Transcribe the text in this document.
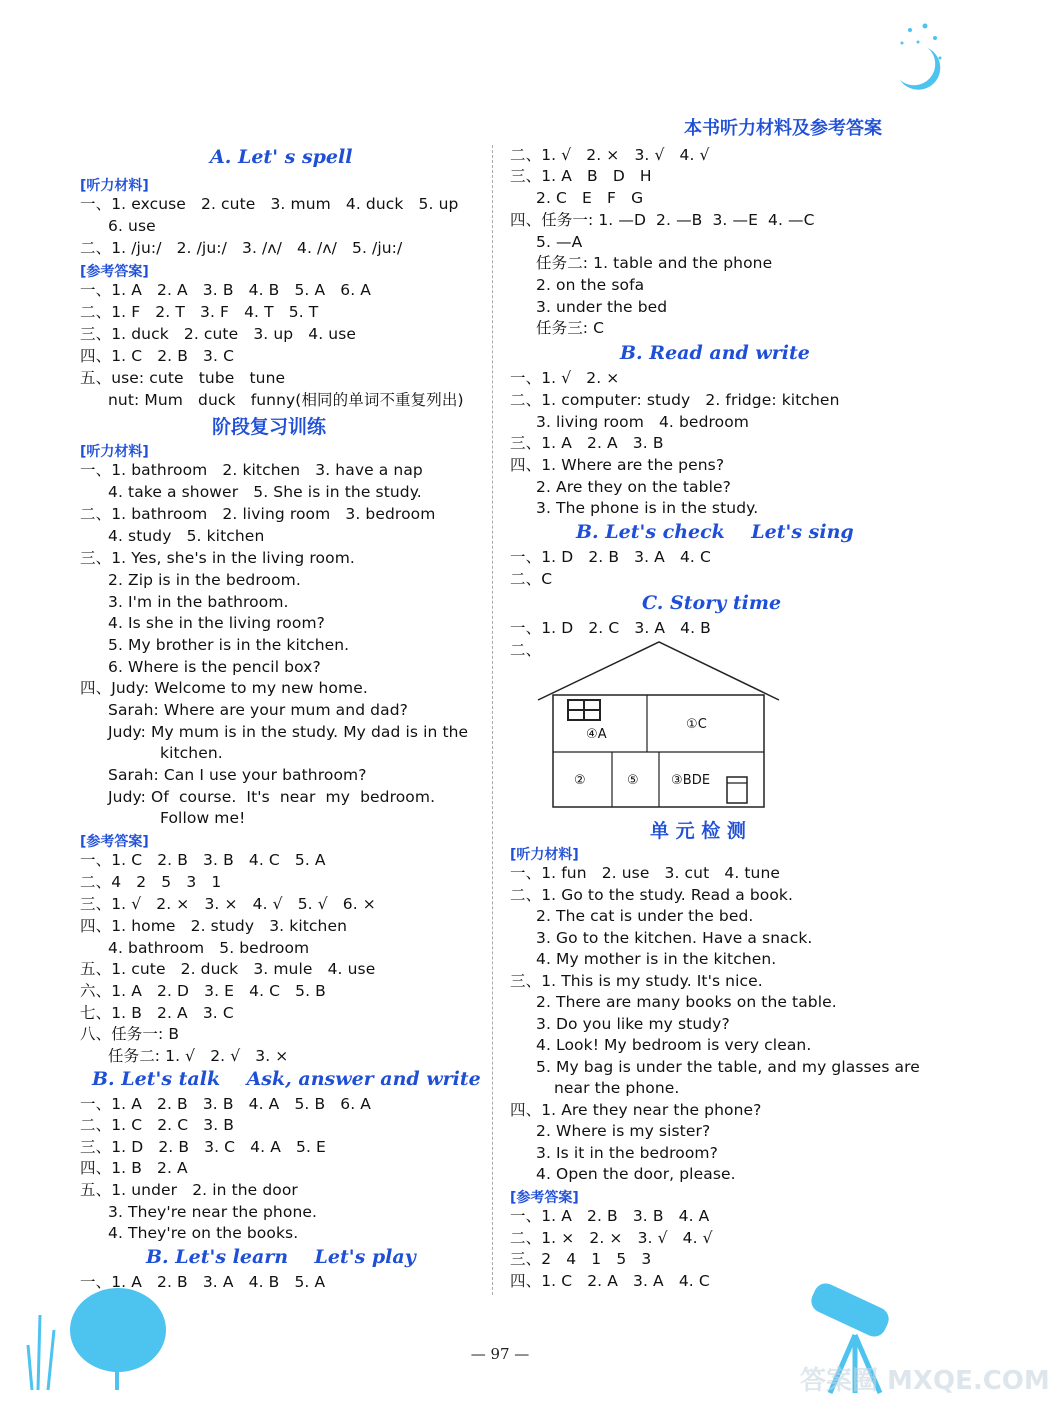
答案圈 MXQE.COM
本书听力材料及参考答案
A. Let' s spell
[听力材料]
一、1. excuse   2. cute   3. mum   4. duck   5. up
6. use
二、1. /ju:/   2. /ju:/   3. /ʌ/   4. /ʌ/   5. /ju:/
[参考答案]
一、1. A   2. A   3. B   4. B   5. A   6. A
二、1. F   2. T   3. F   4. T   5. T
三、1. duck   2. cute   3. up   4. use
四、1. C   2. B   3. C
五、use: cute   tube   tune
nut: Mum   duck   funny(相同的单词不重复列出)
阶段复习训练
[听力材料]
一、1. bathroom   2. kitchen   3. have a nap
4. take a shower   5. She is in the study.
二、1. bathroom   2. living room   3. bedroom
4. study   5. kitchen
三、1. Yes, she's in the living room.
2. Zip is in the bedroom.
3. I'm in the bathroom.
4. Is she in the living room?
5. My brother is in the kitchen.
6. Where is the pencil box?
四、Judy: Welcome to my new home.
Sarah: Where are your mum and dad?
Judy: My mum is in the study. My dad is in the
kitchen.
Sarah: Can I use your bathroom?
Judy: Of  course.  It's  near  my  bedroom.
Follow me!
[参考答案]
一、1. C   2. B   3. B   4. C   5. A
二、4   2   5   3   1
三、1. √   2. ×   3. ×   4. √   5. √   6. ×
四、1. home   2. study   3. kitchen
4. bathroom   5. bedroom
五、1. cute   2. duck   3. mule   4. use
六、1. A   2. D   3. E   4. C   5. B
七、1. B   2. A   3. C
八、任务一: B
任务二: 1. √   2. √   3. ×
B. Let's talk    Ask, answer and write
一、1. A   2. B   3. B   4. A   5. B   6. A
二、1. C   2. C   3. B
三、1. D   2. B   3. C   4. A   5. E
四、1. B   2. A
五、1. under   2. in the door
3. They're near the phone.
4. They're on the books.
B. Let's learn    Let's play
一、1. A   2. B   3. A   4. B   5. A
二、1. √   2. ×   3. √   4. √
三、1. A   B   D   H
2. C   E   F   G
四、任务一: 1. —D  2. —B  3. —E  4. —C
5. —A
任务二: 1. table and the phone
2. on the sofa
3. under the bed
任务三: C
B. Read and write
一、1. √   2. ×
二、1. computer: study   2. fridge: kitchen
3. living room   4. bedroom
三、1. A   2. A   3. B
四、1. Where are the pens?
2. Are they on the table?
3. The phone is in the study.
B. Let's check    Let's sing
一、1. D   2. B   3. A   4. C
二、C
C. Story time
一、1. D   2. C   3. A   4. B
二、
④A
①C
②	⑤ ③BDE
单 元 检 测
[听力材料]
一、1. fun   2. use   3. cut   4. tune
二、1. Go to the study. Read a book.
2. The cat is under the bed.
3. Go to the kitchen. Have a snack.
4. My mother is in the kitchen.
三、1. This is my study. It's nice.
2. There are many books on the table.
3. Do you like my study?
4. Look! My bedroom is very clean.
5. My bag is under the table, and my glasses are
near the phone.
四、1. Are they near the phone?
2. Where is my sister?
3. Is it in the bedroom?
4. Open the door, please.
[参考答案]
一、1. A   2. B   3. B   4. A
二、1. ×   2. ×   3. √   4. √
三、2   4   1   5   3
四、1. C   2. A   3. A   4. C
— 97 —
